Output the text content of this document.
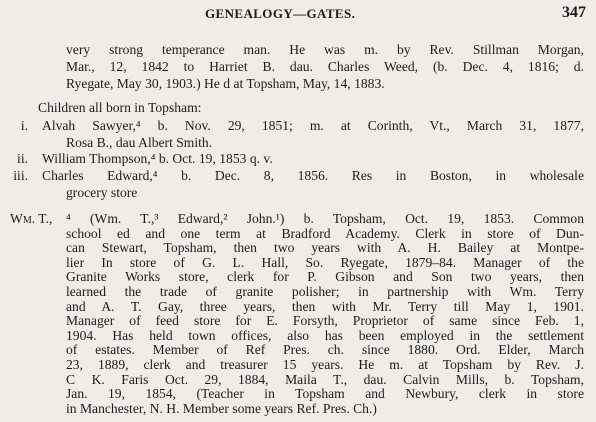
GENEALOGY—GATES.	347
very strong temperance man. He was m. by Rev. Stillman Morgan,
Mar., 12, 1842 to Harriet B. dau. Charles Weed, (b. Dec. 4, 1816; d.
Ryegate, May 30, 1903.) He d at Topsham, May, 14, 1883.
Children all born in Topsham:
i. Alvah Sawyer,⁴ b. Nov. 29, 1851; m. at Corinth, Vt., March 31, 1877,
Rosa B., dau Albert Smith.
ii. William Thompson,⁴ b. Oct. 19, 1853 q. v.
iii. Charles Edward,⁴ b. Dec. 8, 1856. Res in Boston, in wholesale
grocery store
Wm. T.,	⁴ (Wm. T.,³ Edward,² John.¹) b. Topsham, Oct. 19, 1853. Common
school ed and one term at Bradford Academy. Clerk in store of Dun-
can Stewart, Topsham, then two years with A. H. Bailey at Montpe-
lier In store of G. L. Hall, So. Ryegate, 1879–84. Manager of the
Granite Works store, clerk for P. Gibson and Son two years, then
learned the trade of granite polisher; in partnership with Wm. Terry
and A. T. Gay, three years, then with Mr. Terry till May 1, 1901.
Manager of feed store for E. Forsyth, Proprietor of same since Feb. 1,
1904. Has held town offices, also has been employed in the settlement
of estates. Member of Ref Pres. ch. since 1880. Ord. Elder, March
23, 1889, clerk and treasurer 15 years. He m. at Topsham by Rev. J.
C K. Faris Oct. 29, 1884, Maila T., dau. Calvin Mills, b. Topsham,
Jan. 19, 1854, (Teacher in Topsham and Newbury, clerk in store
in Manchester, N. H. Member some years Ref. Pres. Ch.)
